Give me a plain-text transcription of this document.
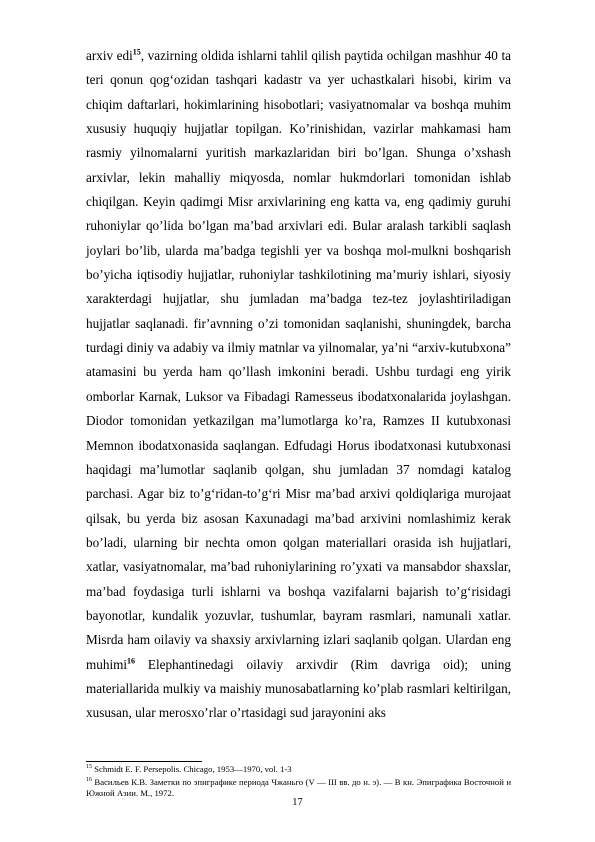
arxiv edi$^{15}$, vazirning oldida ishlarni tahlil qilish paytida ochilgan mashhur 40 ta teri qonun qog‘ozidan tashqari kadastr va yer uchastkalari hisobi, kirim va chiqim daftarlari, hokimlarining hisobotlari; vasiyatnomalar va boshqa muhim xususiy huquqiy hujjatlar topilgan. Ko’rinishidan, vazirlar mahkamasi ham rasmiy yilnomalarni yuritish markazlaridan biri bo’lgan. Shunga o’xshash arxivlar, lekin mahalliy miqyosda, nomlar hukmdorlari tomonidan ishlab chiqilgan. Keyin qadimgi Misr arxivlarining eng katta va, eng qadimiy guruhi ruhoniylar qo’lida bo’lgan maʼbad arxivlari edi. Bular aralash tarkibli saqlash joylari bo’lib, ularda maʼbadga tegishli yer va boshqa mol-mulkni boshqarish bo’yicha iqtisodiy hujjatlar, ruhoniylar tashkilotining maʼmuriy ishlari, siyosiy xarakterdagi hujjatlar, shu jumladan maʼbadga tez-tez joylashtiriladigan hujjatlar saqlanadi. firʼavnning o’zi tomonidan saqlanishi, shuningdek, barcha turdagi diniy va adabiy va ilmiy matnlar va yilnomalar, yaʼni “arxiv-kutubxona” atamasini bu yerda ham qo’llash imkonini beradi. Ushbu turdagi eng yirik omborlar Karnak, Luksor va Fibadagi Ramesseus ibodatxonalarida joylashgan. Diodor tomonidan yetkazilgan maʼlumotlarga ko’ra, Ramzes II kutubxonasi Memnon ibodatxonasida saqlangan. Edfudagi Horus ibodatxonasi kutubxonasi haqidagi maʼlumotlar saqlanib qolgan, shu jumladan 37 nomdagi katalog parchasi. Agar biz to’g‘ridan-to’g‘ri Misr maʼbad arxivi qoldiqlariga murojaat qilsak, bu yerda biz asosan Kaxunadagi maʼbad arxivini nomlashimiz kerak bo’ladi, ularning bir nechta omon qolgan materiallari orasida ish hujjatlari, xatlar, vasiyatnomalar, maʼbad ruhoniylarining ro’yxati va mansabdor shaxslar, maʼbad foydasiga turli ishlarni va boshqa vazifalarni bajarish to’g‘risidagi bayonotlar, kundalik yozuvlar, tushumlar, bayram rasmlari, namunali xatlar. Misrda ham oilaviy va shaxsiy arxivlarning izlari saqlanib qolgan. Ulardan eng muhimi$^{16}$ Elephantinedagi oilaviy arxivdir (Rim davriga oid); uning materiallarida mulkiy va maishiy munosabatlarning ko’plab rasmlari keltirilgan, xususan, ular merosxo’rlar o’rtasidagi sud jarayonini aks

$^{15}$ Schmidt E. F. Persepolis. Chicago, 1953—1970, vol. 1-3

$^{16}$ Васильев К.В. Заметки по эпиграфике периода Чжаньго (V — III вв. до н. э). — В кн. Эпиграфика Восточной и Южной Азии. М., 1972.

17
